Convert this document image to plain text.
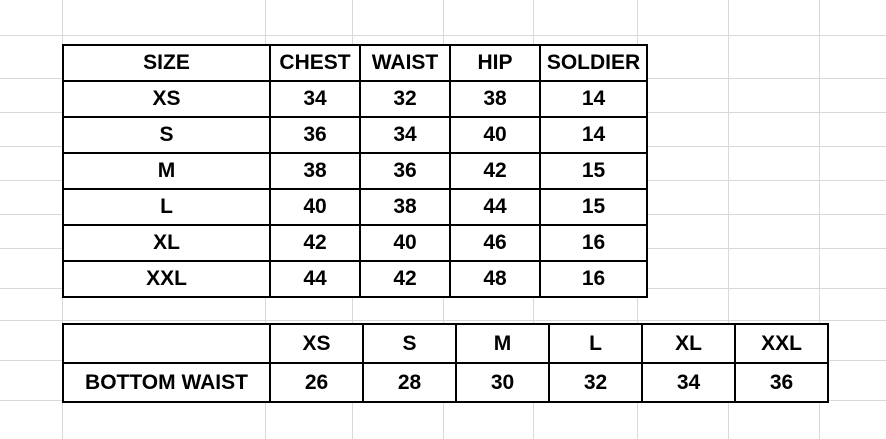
SIZE	CHEST	WAIST	HIP	SOLDIER
XS	34	32	38	14
S	36	34	40	14
M	38	36	42	15
L	40	38	44	15
XL	42	40	46	16
XXL	44	42	48	16
	XS	S	M	L	XL	XXL
BOTTOM WAIST	26	28	30	32	34	36
